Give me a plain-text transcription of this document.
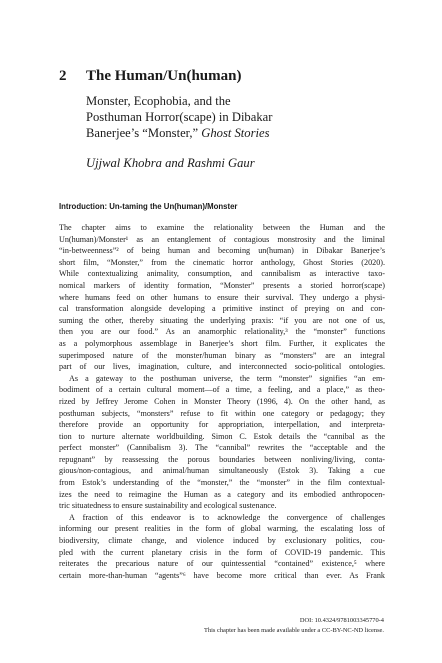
2 The Human/Un(human)
Monster, Ecophobia, and the
Posthuman Horror(scape) in Dibakar
Banerjee’s “Monster,” Ghost Stories
Ujjwal Khobra and Rashmi Gaur
Introduction: Un-taming the Un(human)/Monster
The chapter aims to examine the relationality between the Human and the
Un(human)/Monster¹ as an entanglement of contagious monstrosity and the liminal
“in-betweenness”² of being human and becoming un(human) in Dibakar Banerjee’s
short film, “Monster,” from the cinematic horror anthology, Ghost Stories (2020).
While contextualizing animality, consumption, and cannibalism as interactive taxo-
nomical markers of identity formation, “Monster” presents a storied horror(scape)
where humans feed on other humans to ensure their survival. They undergo a physi-
cal transformation alongside developing a primitive instinct of preying on and con-
suming the other, thereby situating the underlying praxis: “if you are not one of us,
then you are our food.” As an anamorphic relationality,³ the “monster” functions
as a polymorphous assemblage in Banerjee’s short film. Further, it explicates the
superimposed nature of the monster/human binary as “monsters” are an integral
part of our lives, imagination, culture, and interconnected socio-political ontologies.
As a gateway to the posthuman universe, the term “monster” signifies “an em-
bodiment of a certain cultural moment—of a time, a feeling, and a place,” as theo-
rized by Jeffrey Jerome Cohen in Monster Theory (1996, 4). On the other hand, as
posthuman subjects, “monsters” refuse to fit within one category or pedagogy; they
therefore provide an opportunity for appropriation, interpellation, and interpreta-
tion to nurture alternate worldbuilding. Simon C. Estok details the “cannibal as the
perfect monster” (Cannibalism 3). The “cannibal” rewrites the “acceptable and the
repugnant” by reassessing the porous boundaries between nonliving/living, conta-
gious/non-contagious, and animal/human simultaneously (Estok 3). Taking a cue
from Estok’s understanding of the “monster,” the “monster” in the film contextual-
izes the need to reimagine the Human as a category and its embodied anthropocen-
tric situatedness to ensure sustainability and ecological sustenance.
A fraction of this endeavor is to acknowledge the convergence of challenges
informing our present realities in the form of global warming, the escalating loss of
biodiversity, climate change, and violence induced by exclusionary politics, cou-
pled with the current planetary crisis in the form of COVID-19 pandemic. This
reiterates the precarious nature of our quintessential “contained” existence,⁵ where
certain more-than-human “agents”⁶ have become more critical than ever. As Frank
DOI: 10.4324/9781003345770-4
This chapter has been made available under a CC-BY-NC-ND license.
